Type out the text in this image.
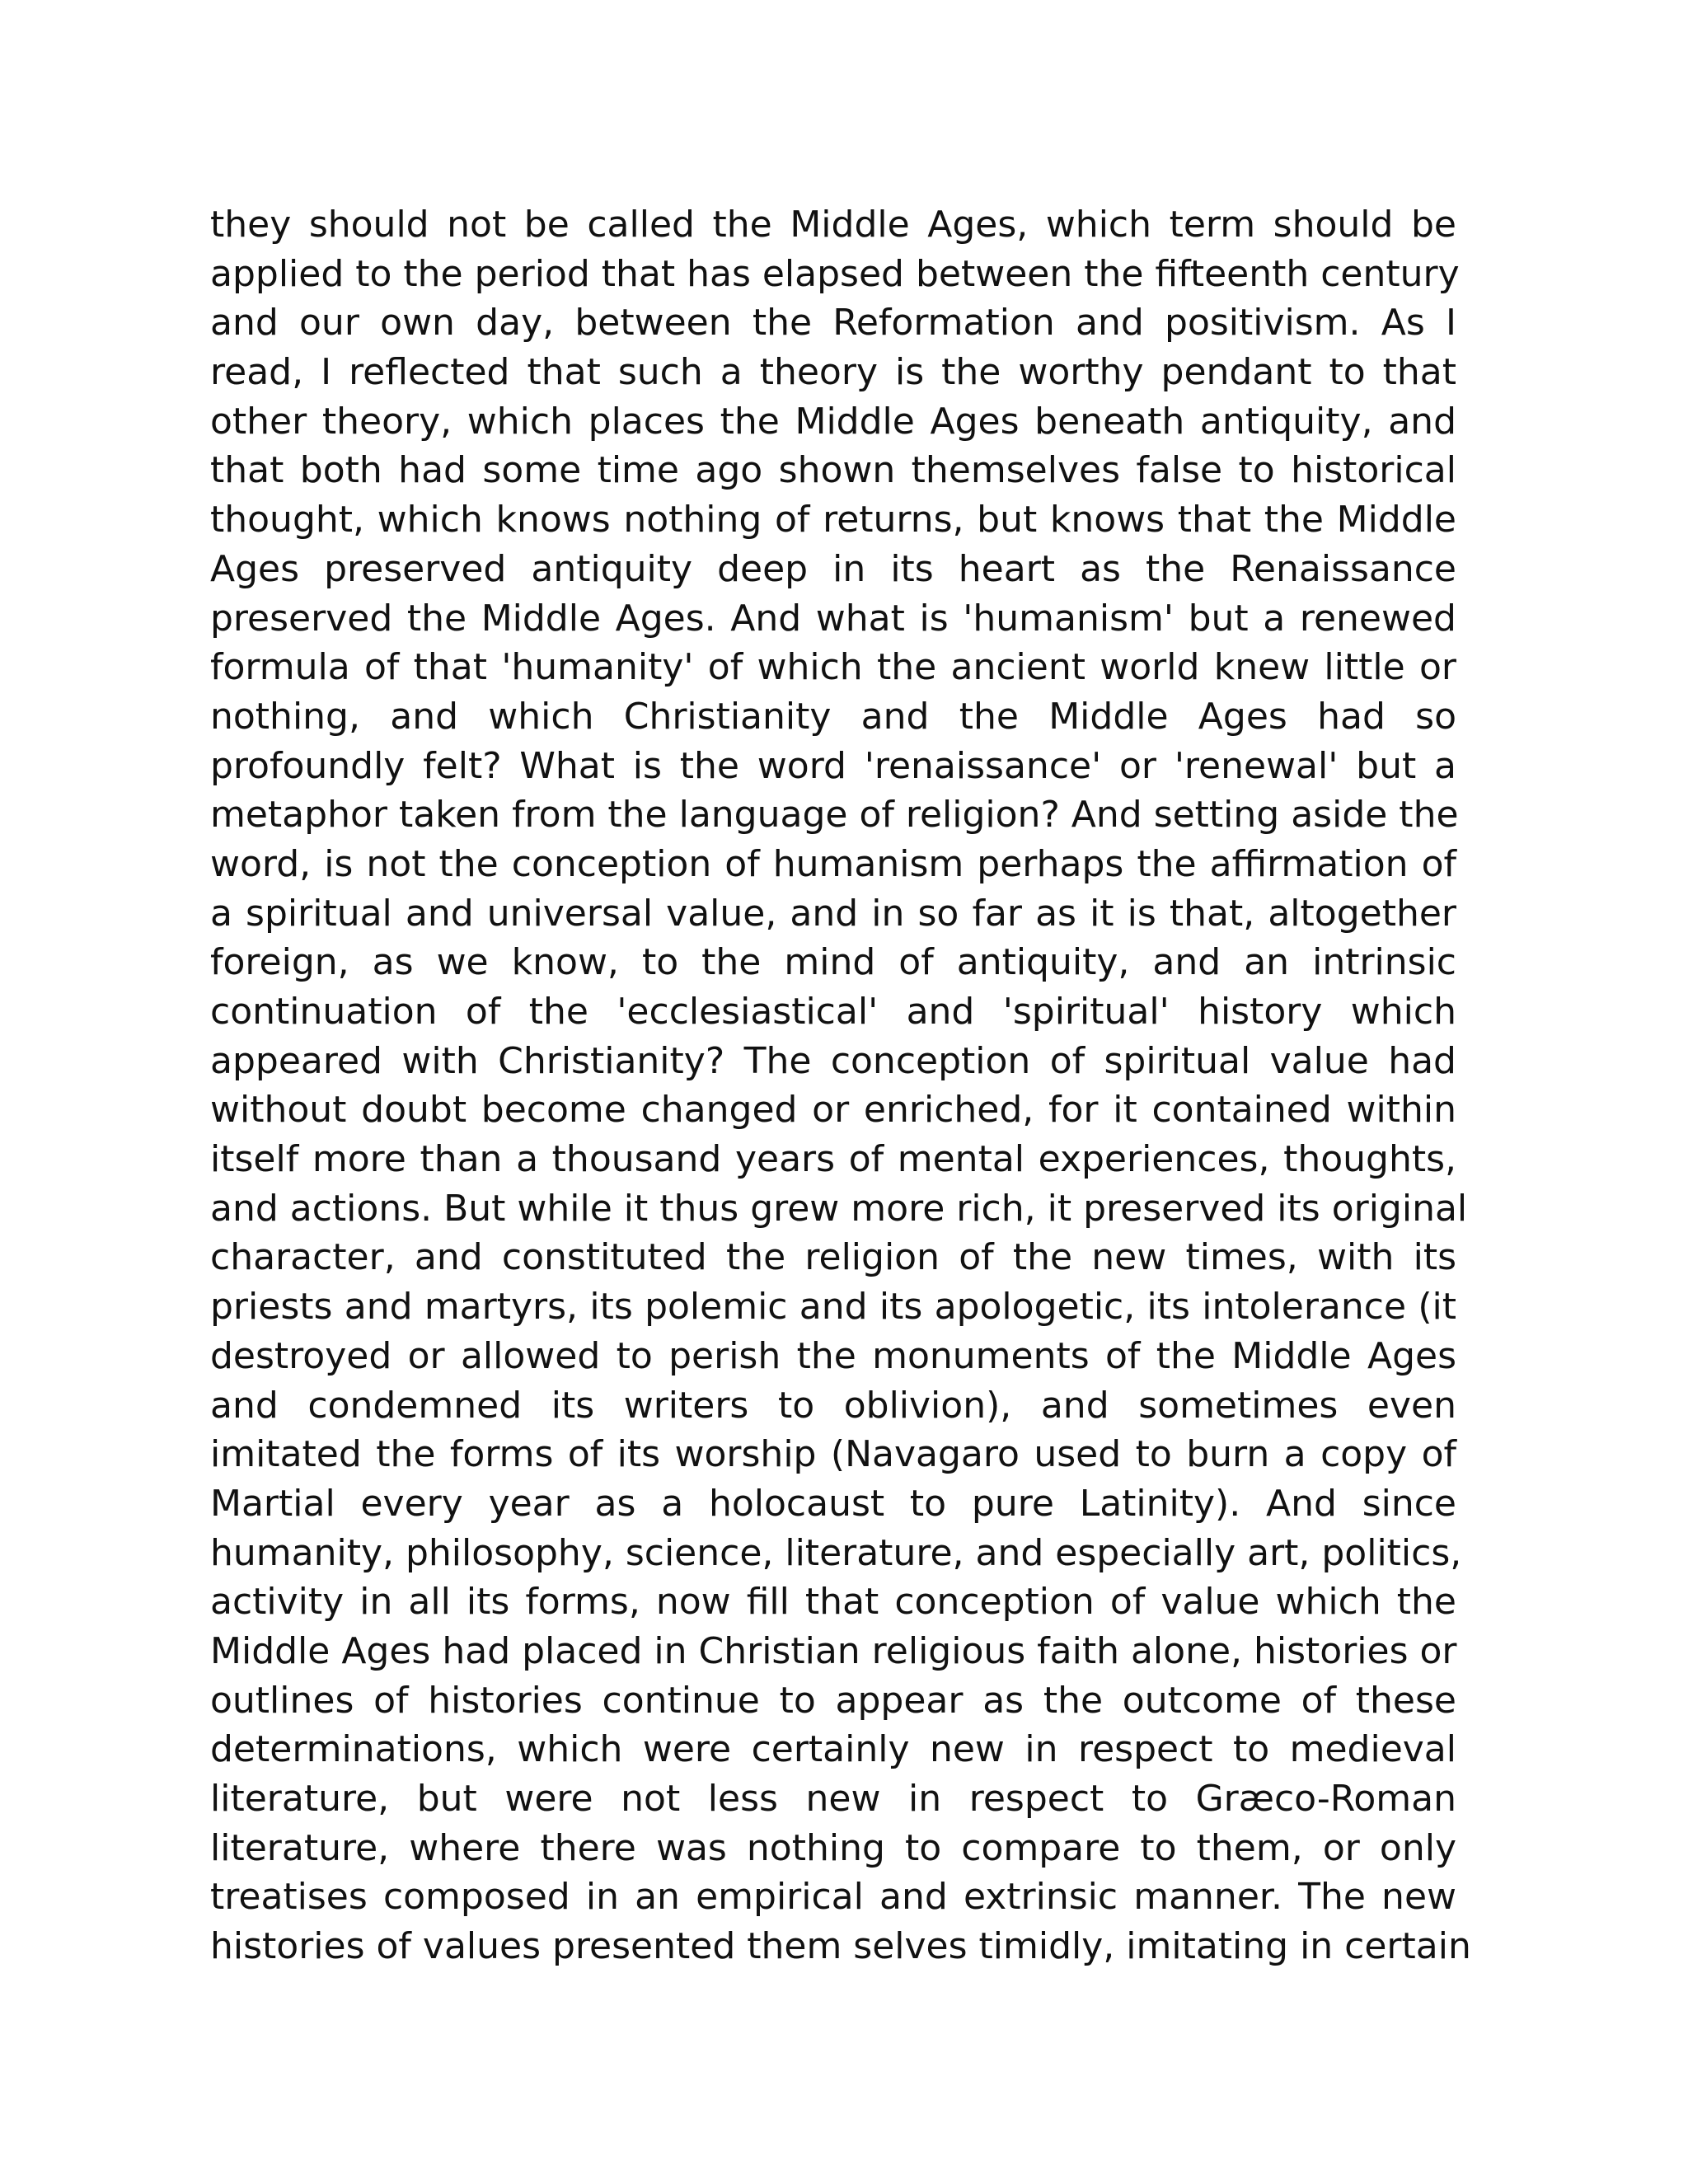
they should not be called the Middle Ages, which term should be
applied to the period that has elapsed between the fifteenth century
and our own day, between the Reformation and positivism. As I
read, I reflected that such a theory is the worthy pendant to that
other theory, which places the Middle Ages beneath antiquity, and
that both had some time ago shown themselves false to historical
thought, which knows nothing of returns, but knows that the Middle
Ages preserved antiquity deep in its heart as the Renaissance
preserved the Middle Ages. And what is 'humanism' but a renewed
formula of that 'humanity' of which the ancient world knew little or
nothing, and which Christianity and the Middle Ages had so
profoundly felt? What is the word 'renaissance' or 'renewal' but a
metaphor taken from the language of religion? And setting aside the
word, is not the conception of humanism perhaps the affirmation of
a spiritual and universal value, and in so far as it is that, altogether
foreign, as we know, to the mind of antiquity, and an intrinsic
continuation of the 'ecclesiastical' and 'spiritual' history which
appeared with Christianity? The conception of spiritual value had
without doubt become changed or enriched, for it contained within
itself more than a thousand years of mental experiences, thoughts,
and actions. But while it thus grew more rich, it preserved its original
character, and constituted the religion of the new times, with its
priests and martyrs, its polemic and its apologetic, its intolerance (it
destroyed or allowed to perish the monuments of the Middle Ages
and condemned its writers to oblivion), and sometimes even
imitated the forms of its worship (Navagaro used to burn a copy of
Martial every year as a holocaust to pure Latinity). And since
humanity, philosophy, science, literature, and especially art, politics,
activity in all its forms, now fill that conception of value which the
Middle Ages had placed in Christian religious faith alone, histories or
outlines of histories continue to appear as the outcome of these
determinations, which were certainly new in respect to medieval
literature, but were not less new in respect to Græco-Roman
literature, where there was nothing to compare to them, or only
treatises composed in an empirical and extrinsic manner. The new
histories of values presented them selves timidly, imitating in certain
